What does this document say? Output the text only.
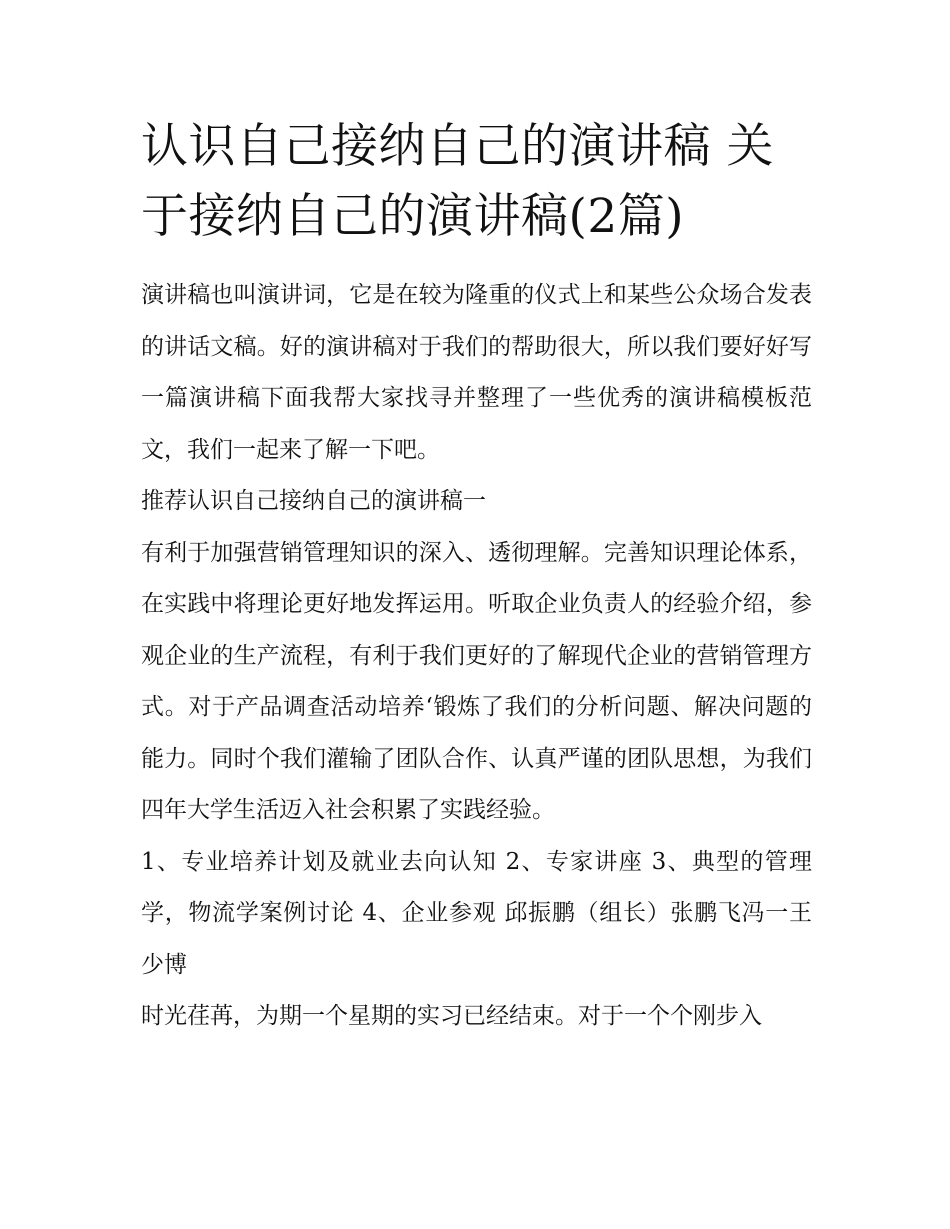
认识自己接纳自己的演讲稿 关于接纳自己的演讲稿(2篇)

演讲稿也叫演讲词，它是在较为隆重的仪式上和某些公众场合发表的讲话文稿。好的演讲稿对于我们的帮助很大，所以我们要好好写一篇演讲稿下面我帮大家找寻并整理了一些优秀的演讲稿模板范文，我们一起来了解一下吧。

推荐认识自己接纳自己的演讲稿一

有利于加强营销管理知识的深入、透彻理解。完善知识理论体系，在实践中将理论更好地发挥运用。听取企业负责人的经验介绍，参观企业的生产流程，有利于我们更好的了解现代企业的营销管理方式。对于产品调查活动培养‘锻炼了我们的分析问题、解决问题的能力。同时个我们灌输了团队合作、认真严谨的团队思想，为我们四年大学生活迈入社会积累了实践经验。

1、专业培养计划及就业去向认知 2、专家讲座 3、典型的管理学，物流学案例讨论 4、企业参观 邱振鹏（组长）张鹏飞冯一王少博

时光荏苒，为期一个星期的实习已经结束。对于一个个刚步入
